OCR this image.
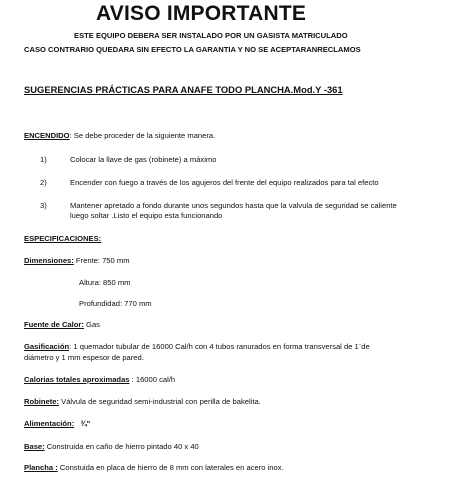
AVISO IMPORTANTE
ESTE EQUIPO DEBERA SER INSTALADO POR UN GASISTA MATRICULADO
CASO CONTRARIO QUEDARA SIN EFECTO LA GARANTIA Y NO SE ACEPTARANRECLAMOS
SUGERENCIAS PRÁCTICAS PARA ANAFE TODO PLANCHA.Mod.Y -361
ENCENDIDO: Se debe proceder de la siguiente manera.
1)	Colocar la llave de gas (robinete) a máximo
2)	Encender con fuego a través de los agujeros del frente del equipo realizados para tal efecto
3)	Mantener apretado a fondo durante unos segundos hasta que la valvula de seguridad se caliente
luego soltar .Listo el equipo esta funcionando
ESPECIFICACIONES:
Dimensiones: Frente: 750 mm
Altura: 850 mm
Profundidad: 770 mm
Fuente de Calor: Gas
Gasificación: 1 quemador tubular de 16000 Cal/h con 4 tubos ranurados en forma transversal de 1¨de
diámetro y 1 mm espesor de pared.
Calorias totales aproximadas : 16000 cal/h
Robinete: Válvula de seguridad semi-industrial con perilla de bakelita.
Alimentación: ¾"
Base: Construida en caño de hierro pintado 40 x 40
Plancha : Constuida en placa de hierro de 8 mm con laterales en acero inox.
